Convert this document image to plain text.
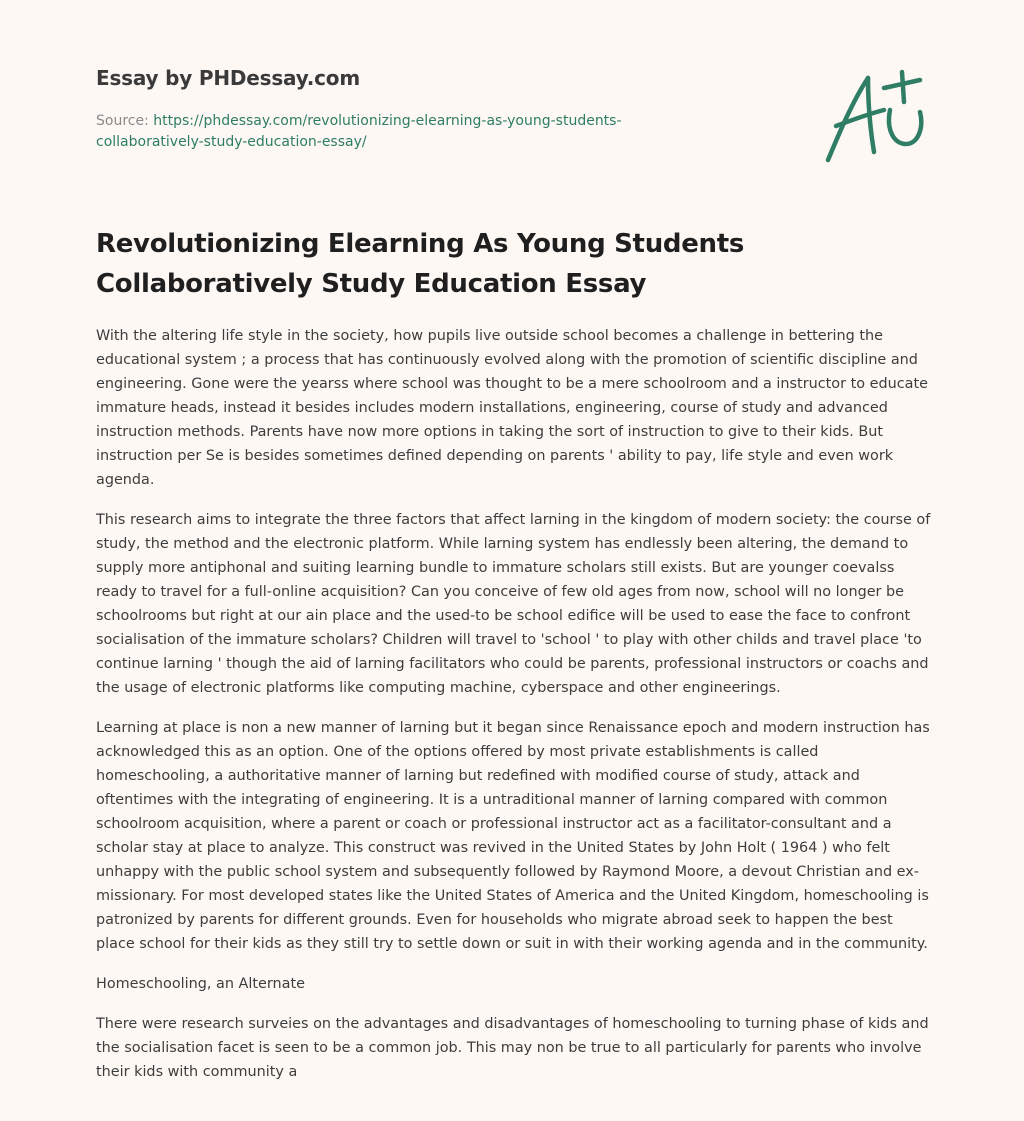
Essay by PHDessay.com
Source: https://phdessay.com/revolutionizing-elearning-as-young-students-collaboratively-study-education-essay/
Revolutionizing Elearning As Young Students Collaboratively Study Education Essay

With the altering life style in the society, how pupils live outside school becomes a challenge in bettering the educational system ; a process that has continuously evolved along with the promotion of scientific discipline and engineering. Gone were the yearss where school was thought to be a mere schoolroom and a instructor to educate immature heads, instead it besides includes modern installations, engineering, course of study and advanced instruction methods. Parents have now more options in taking the sort of instruction to give to their kids. But instruction per Se is besides sometimes defined depending on parents ' ability to pay, life style and even work agenda.

This research aims to integrate the three factors that affect larning in the kingdom of modern society: the course of study, the method and the electronic platform. While larning system has endlessly been altering, the demand to supply more antiphonal and suiting learning bundle to immature scholars still exists. But are younger coevalss ready to travel for a full-online acquisition? Can you conceive of few old ages from now, school will no longer be schoolrooms but right at our ain place and the used-to be school edifice will be used to ease the face to confront socialisation of the immature scholars? Children will travel to 'school ' to play with other childs and travel place 'to continue larning ' though the aid of larning facilitators who could be parents, professional instructors or coachs and the usage of electronic platforms like computing machine, cyberspace and other engineerings.

Learning at place is non a new manner of larning but it began since Renaissance epoch and modern instruction has acknowledged this as an option. One of the options offered by most private establishments is called homeschooling, a authoritative manner of larning but redefined with modified course of study, attack and oftentimes with the integrating of engineering. It is a untraditional manner of larning compared with common schoolroom acquisition, where a parent or coach or professional instructor act as a facilitator-consultant and a scholar stay at place to analyze. This construct was revived in the United States by John Holt ( 1964 ) who felt unhappy with the public school system and subsequently followed by Raymond Moore, a devout Christian and ex-missionary. For most developed states like the United States of America and the United Kingdom, homeschooling is patronized by parents for different grounds. Even for households who migrate abroad seek to happen the best place school for their kids as they still try to settle down or suit in with their working agenda and in the community.

Homeschooling, an Alternate

There were research surveies on the advantages and disadvantages of homeschooling to turning phase of kids and the socialisation facet is seen to be a common job. This may non be true to all particularly for parents who involve their kids with community a
